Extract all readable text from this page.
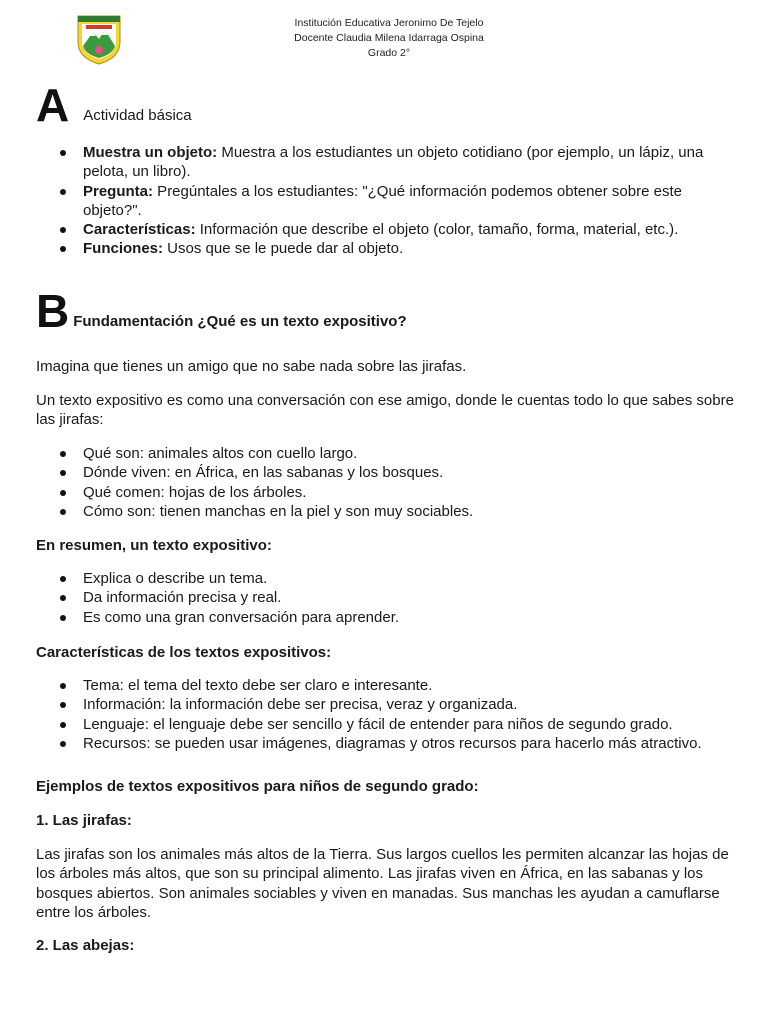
Institución Educativa Jeronimo De Tejelo
Docente Claudia Milena Idarraga Ospina
Grado 2°
A Actividad básica
Muestra un objeto: Muestra a los estudiantes un objeto cotidiano (por ejemplo, un lápiz, una pelota, un libro).
Pregunta: Pregúntales a los estudiantes: "¿Qué información podemos obtener sobre este objeto?".
Características: Información que describe el objeto (color, tamaño, forma, material, etc.).
Funciones: Usos que se le puede dar al objeto.
B Fundamentación ¿Qué es un texto expositivo?
Imagina que tienes un amigo que no sabe nada sobre las jirafas.
Un texto expositivo es como una conversación con ese amigo, donde le cuentas todo lo que sabes sobre las jirafas:
Qué son: animales altos con cuello largo.
Dónde viven: en África, en las sabanas y los bosques.
Qué comen: hojas de los árboles.
Cómo son: tienen manchas en la piel y son muy sociables.
En resumen, un texto expositivo:
Explica o describe un tema.
Da información precisa y real.
Es como una gran conversación para aprender.
Características de los textos expositivos:
Tema: el tema del texto debe ser claro e interesante.
Información: la información debe ser precisa, veraz y organizada.
Lenguaje: el lenguaje debe ser sencillo y fácil de entender para niños de segundo grado.
Recursos: se pueden usar imágenes, diagramas y otros recursos para hacerlo más atractivo.
Ejemplos de textos expositivos para niños de segundo grado:
1. Las jirafas:
Las jirafas son los animales más altos de la Tierra. Sus largos cuellos les permiten alcanzar las hojas de los árboles más altos, que son su principal alimento. Las jirafas viven en África, en las sabanas y los bosques abiertos. Son animales sociables y viven en manadas. Sus manchas les ayudan a camuflarse entre los árboles.
2. Las abejas:
